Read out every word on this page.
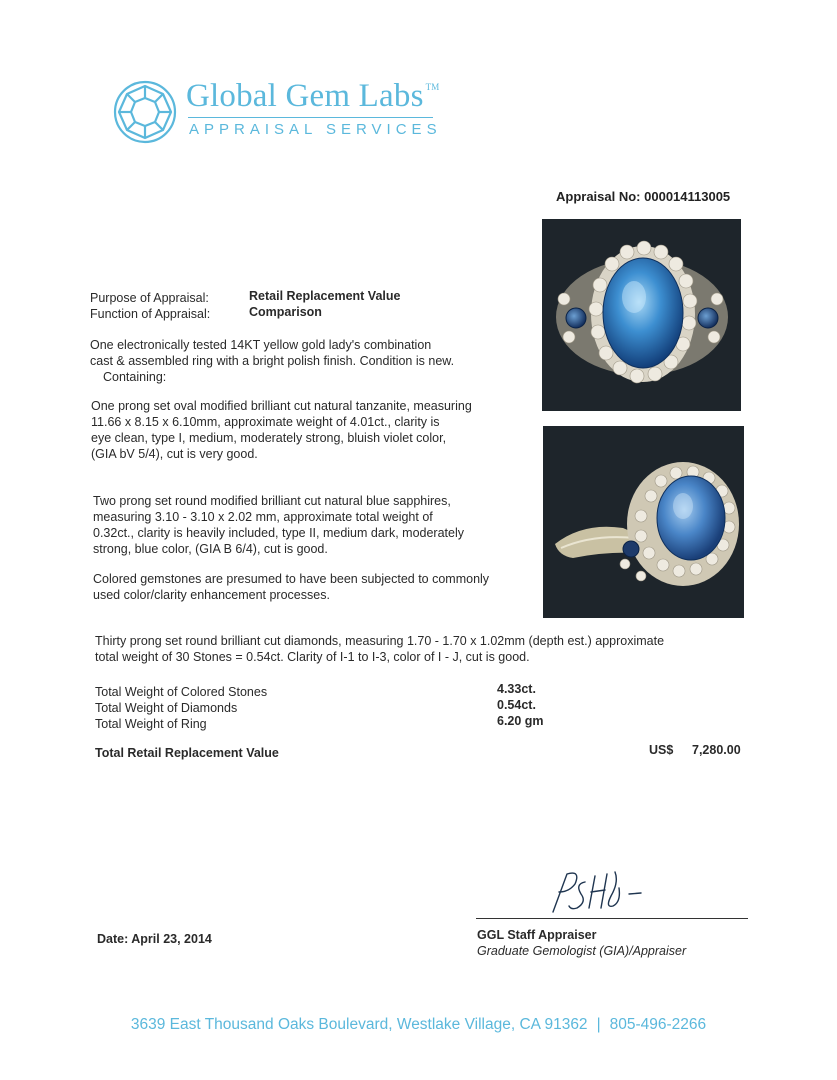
Global Gem Labs ™
APPRAISAL SERVICES
Appraisal No: 000014113005
Purpose of Appraisal:	Retail Replacement Value
Function of Appraisal:	Comparison
One electronically tested 14KT yellow gold lady's combination
cast & assembled ring with a bright polish finish. Condition is new.
Containing:
One prong set oval modified brilliant cut natural tanzanite, measuring
11.66 x 8.15 x 6.10mm, approximate weight of 4.01ct., clarity is
eye clean, type I, medium, moderately strong, bluish violet color,
(GIA bV 5/4), cut is very good.
Two prong set round modified brilliant cut natural blue sapphires,
measuring 3.10 - 3.10 x 2.02 mm, approximate total weight of
0.32ct., clarity is heavily included, type II, medium dark, moderately
strong, blue color, (GIA B 6/4), cut is good.
Colored gemstones are presumed to have been subjected to commonly
used color/clarity enhancement processes.
Thirty prong set round brilliant cut diamonds, measuring 1.70 - 1.70 x 1.02mm (depth est.) approximate
total weight of 30 Stones = 0.54ct. Clarity of I-1 to I-3, color of I - J, cut is good.
Total Weight of Colored Stones	4.33ct.
Total Weight of Diamonds	0.54ct.
Total Weight of Ring	6.20 gm
Total Retail Replacement Value	US$ 7,280.00
GGL Staff Appraiser
Graduate Gemologist (GIA)/Appraiser
Date: April 23, 2014
3639 East Thousand Oaks Boulevard, Westlake Village, CA 91362 | 805-496-2266
